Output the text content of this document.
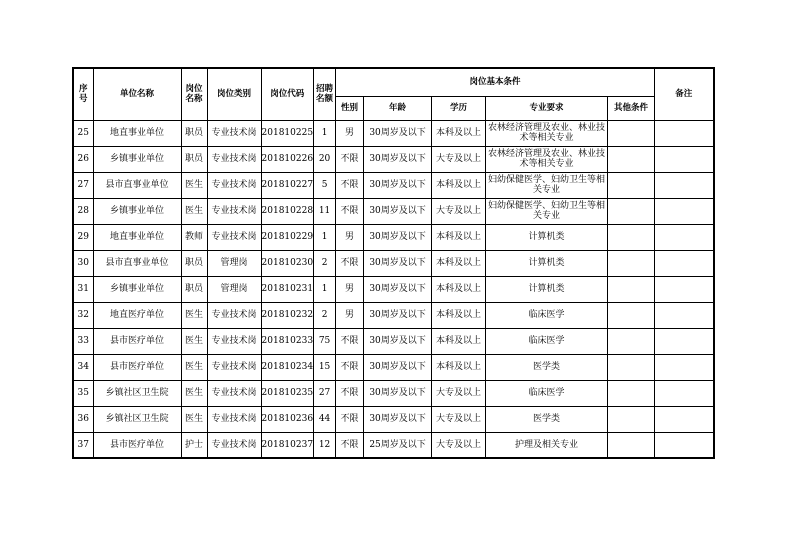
序号	单位名称	岗位名称	岗位类别	岗位代码	招聘名额	岗位基本条件					备注
						性别	年龄	学历	专业要求	其他条件	
25	地直事业单位	职员	专业技术岗	201810225	1	男	30周岁及以下	本科及以上	农林经济管理及农业、林业技术等相关专业		
26	乡镇事业单位	职员	专业技术岗	201810226	20	不限	30周岁及以下	大专及以上	农林经济管理及农业、林业技术等相关专业		
27	县市直事业单位	医生	专业技术岗	201810227	5	不限	30周岁及以下	本科及以上	妇幼保健医学、妇幼卫生等相关专业		
28	乡镇事业单位	医生	专业技术岗	201810228	11	不限	30周岁及以下	大专及以上	妇幼保健医学、妇幼卫生等相关专业		
29	地直事业单位	教师	专业技术岗	201810229	1	男	30周岁及以下	本科及以上	计算机类		
30	县市直事业单位	职员	管理岗	201810230	2	不限	30周岁及以下	本科及以上	计算机类		
31	乡镇事业单位	职员	管理岗	201810231	1	男	30周岁及以下	本科及以上	计算机类		
32	地直医疗单位	医生	专业技术岗	201810232	2	男	30周岁及以下	本科及以上	临床医学		
33	县市医疗单位	医生	专业技术岗	201810233	75	不限	30周岁及以下	本科及以上	临床医学		
34	县市医疗单位	医生	专业技术岗	201810234	15	不限	30周岁及以下	本科及以上	医学类		
35	乡镇社区卫生院	医生	专业技术岗	201810235	27	不限	30周岁及以下	大专及以上	临床医学		
36	乡镇社区卫生院	医生	专业技术岗	201810236	44	不限	30周岁及以下	大专及以上	医学类		
37	县市医疗单位	护士	专业技术岗	201810237	12	不限	25周岁及以下	大专及以上	护理及相关专业		
